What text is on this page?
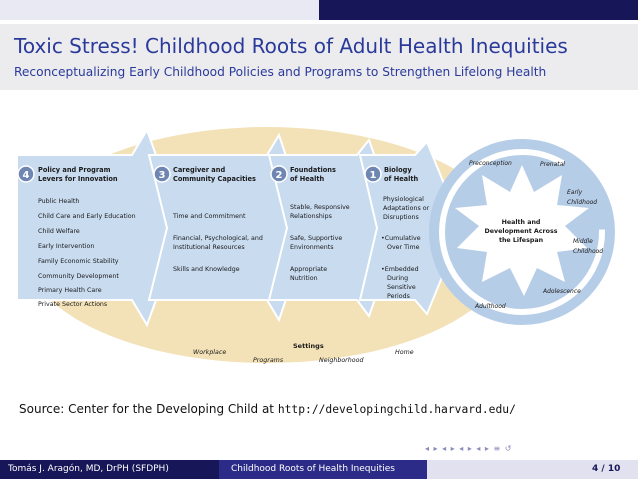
Toxic Stress! Childhood Roots of Adult Health Inequities
Reconceptualizing Early Childhood Policies and Programs to Strengthen Lifelong Health
4	3	2	1
Policy and Program
Levers for Innovation
Caregiver and
Community Capacities
Foundations
of Health
Biology
of Health
Public Health
Child Care and Early Education
Child Welfare
Early Intervention
Family Economic Stability
Community Development
Primary Health Care
Private Sector Actions
Time and Commitment
Financial, Psychological, and
Institutional Resources
Skills and Knowledge
Stable, Responsive
Relationships
Safe, Supportive
Environments
Appropriate
Nutrition
Physiological
Adaptations or
Disruptions
•Cumulative
Over Time
•Embedded
During
Sensitive
Periods
Health and
Development Across
the Lifespan
Preconception	Prenatal
Early
Childhood
Middle
Childhood
Adolescence
Adulthood
Settings
Workplace
Programs	Neighborhood
Home
Source: Center for the Developing Child at http://developingchild.harvard.edu/
◂ ▸ ◂ ▸ ◂ ▸ ◂ ▸ ≡ ↺
Tomás J. Aragón, MD, DrPH (SFDPH)	Childhood Roots of Health Inequities	4 / 10
